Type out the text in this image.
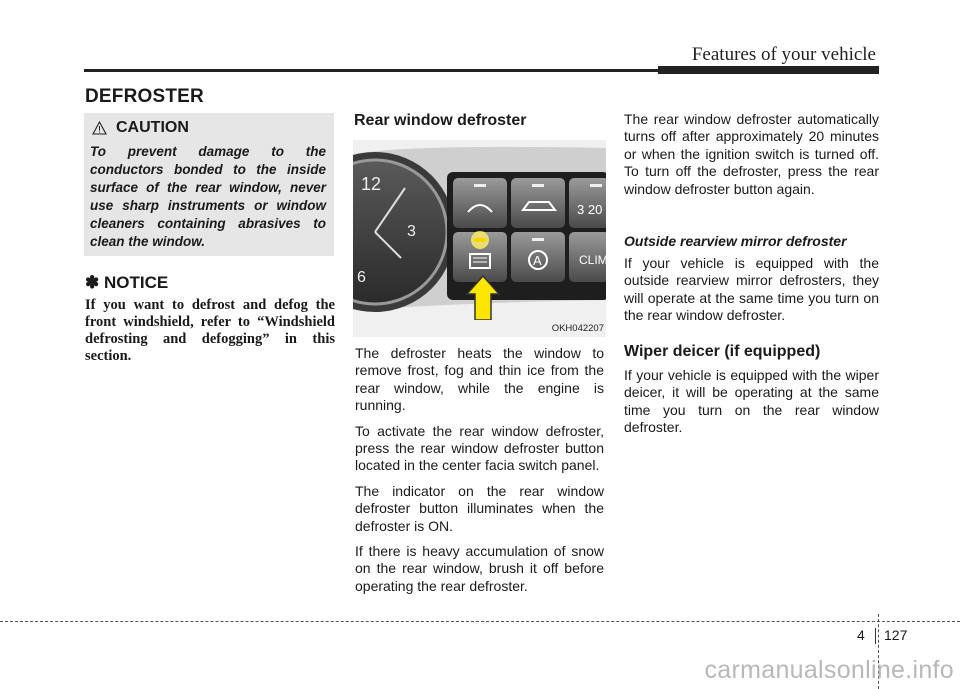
Features of your vehicle
DEFROSTER
CAUTION
To prevent damage to the conductors bonded to the inside surface of the rear window, never use sharp instruments or window cleaners containing abrasives to clean the window.
✽ NOTICE
If you want to defrost and defog the front windshield, refer to “Windshield defrosting and defogging” in this section.
Rear window defroster
12
3
6
3 20
A	CLIM
OKH042207

The defroster heats the window to remove frost, fog and thin ice from the rear window, while the engine is running.

To activate the rear window defroster, press the rear window defroster button located in the center facia switch panel.

The indicator on the rear window defroster button illuminates when the defroster is ON.

If there is heavy accumulation of snow on the rear window, brush it off before operating the rear defroster.

The rear window defroster automatically turns off after approximately 20 minutes or when the ignition switch is turned off. To turn off the defroster, press the rear window defroster button again.

Outside rearview mirror defroster

If your vehicle is equipped with the outside rearview mirror defrosters, they will operate at the same time you turn on the rear window defroster.

Wiper deicer (if equipped)

If your vehicle is equipped with the wiper deicer, it will be operating at the same time you turn on the rear window defroster.

4 127
carmanualsonline.info
